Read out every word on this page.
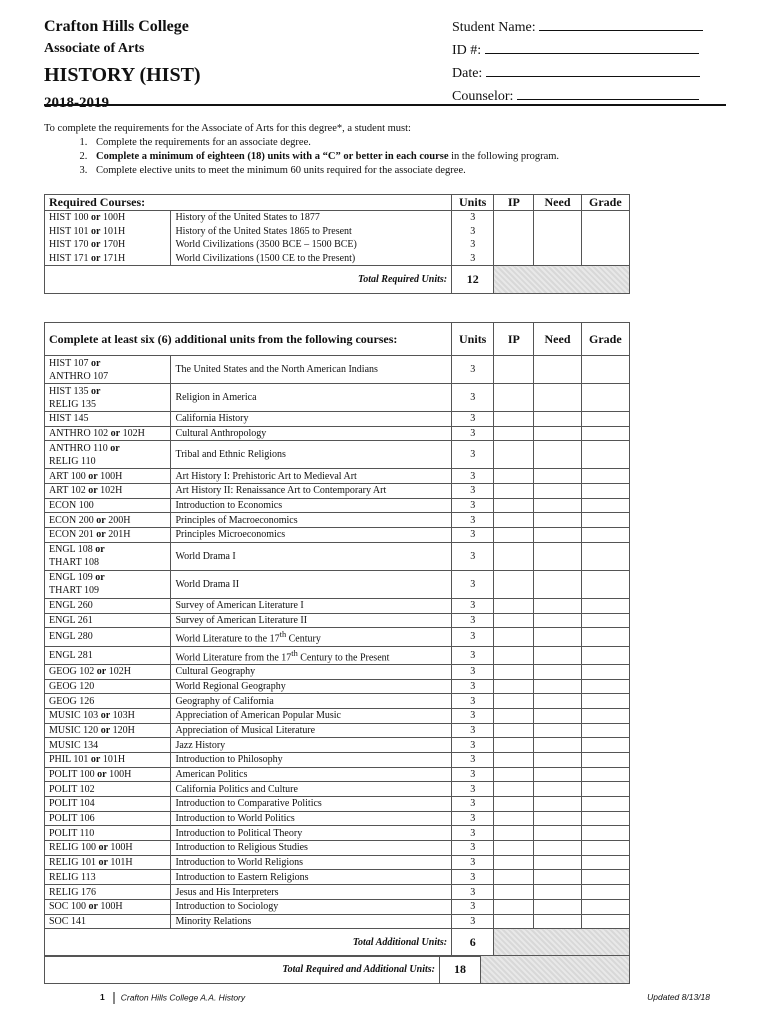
Crafton Hills College
Associate of Arts
HISTORY (HIST)
2018-2019
Student Name:
ID #:
Date:
Counselor:
To complete the requirements for the Associate of Arts for this degree*, a student must:
1. Complete the requirements for an associate degree.
2. Complete a minimum of eighteen (18) units with a “C” or better in each course in the following program.
3. Complete elective units to meet the minimum 60 units required for the associate degree.
Required Courses:		Units	IP	Need	Grade
HIST 100 or 100H	History of the United States to 1877	3			
HIST 101 or 101H	History of the United States 1865 to Present	3			
HIST 170 or 170H	World Civilizations (3500 BCE – 1500 BCE)	3			
HIST 171 or 171H	World Civilizations (1500 CE to the Present)	3			
Total Required Units:		12			
Complete at least six (6) additional units from the following courses:		Units	IP	Need	Grade
HIST 107 or
ANTHRO 107	The United States and the North American Indians	3			
HIST 135 or
RELIG 135	Religion in America	3			
HIST 145	California History	3			
ANTHRO 102 or 102H	Cultural Anthropology	3			
ANTHRO 110 or
RELIG 110	Tribal and Ethnic Religions	3			
ART 100 or 100H	Art History I: Prehistoric Art to Medieval Art	3			
ART 102 or 102H	Art History II: Renaissance Art to Contemporary Art	3			
ECON 100	Introduction to Economics	3			
ECON 200 or 200H	Principles of Macroeconomics	3			
ECON 201 or 201H	Principles Microeconomics	3			
ENGL 108 or
THART 108	World Drama I	3			
ENGL 109 or
THART 109	World Drama II	3			
ENGL 260	Survey of American Literature I	3			
ENGL 261	Survey of American Literature II	3			
ENGL 280	World Literature to the 17th Century	3			
ENGL 281	World Literature from the 17th Century to the Present	3			
GEOG 102 or 102H	Cultural Geography	3			
GEOG 120	World Regional Geography	3			
GEOG 126	Geography of California	3			
MUSIC 103 or 103H	Appreciation of American Popular Music	3			
MUSIC 120 or 120H	Appreciation of Musical Literature	3			
MUSIC 134	Jazz History	3			
PHIL 101 or 101H	Introduction to Philosophy	3			
POLIT 100 or 100H	American Politics	3			
POLIT 102	California Politics and Culture	3			
POLIT 104	Introduction to Comparative Politics	3			
POLIT 106	Introduction to World Politics	3			
POLIT 110	Introduction to Political Theory	3			
RELIG 100 or 100H	Introduction to Religious Studies	3			
RELIG 101 or 101H	Introduction to World Religions	3			
RELIG 113	Introduction to Eastern Religions	3			
RELIG 176	Jesus and His Interpreters	3			
SOC 100 or 100H	Introduction to Sociology	3			
SOC 141	Minority Relations	3			
Total Additional Units:		6			
Total Required and Additional Units:	18	
1 Crafton Hills College A.A. History	Updated 8/13/18
